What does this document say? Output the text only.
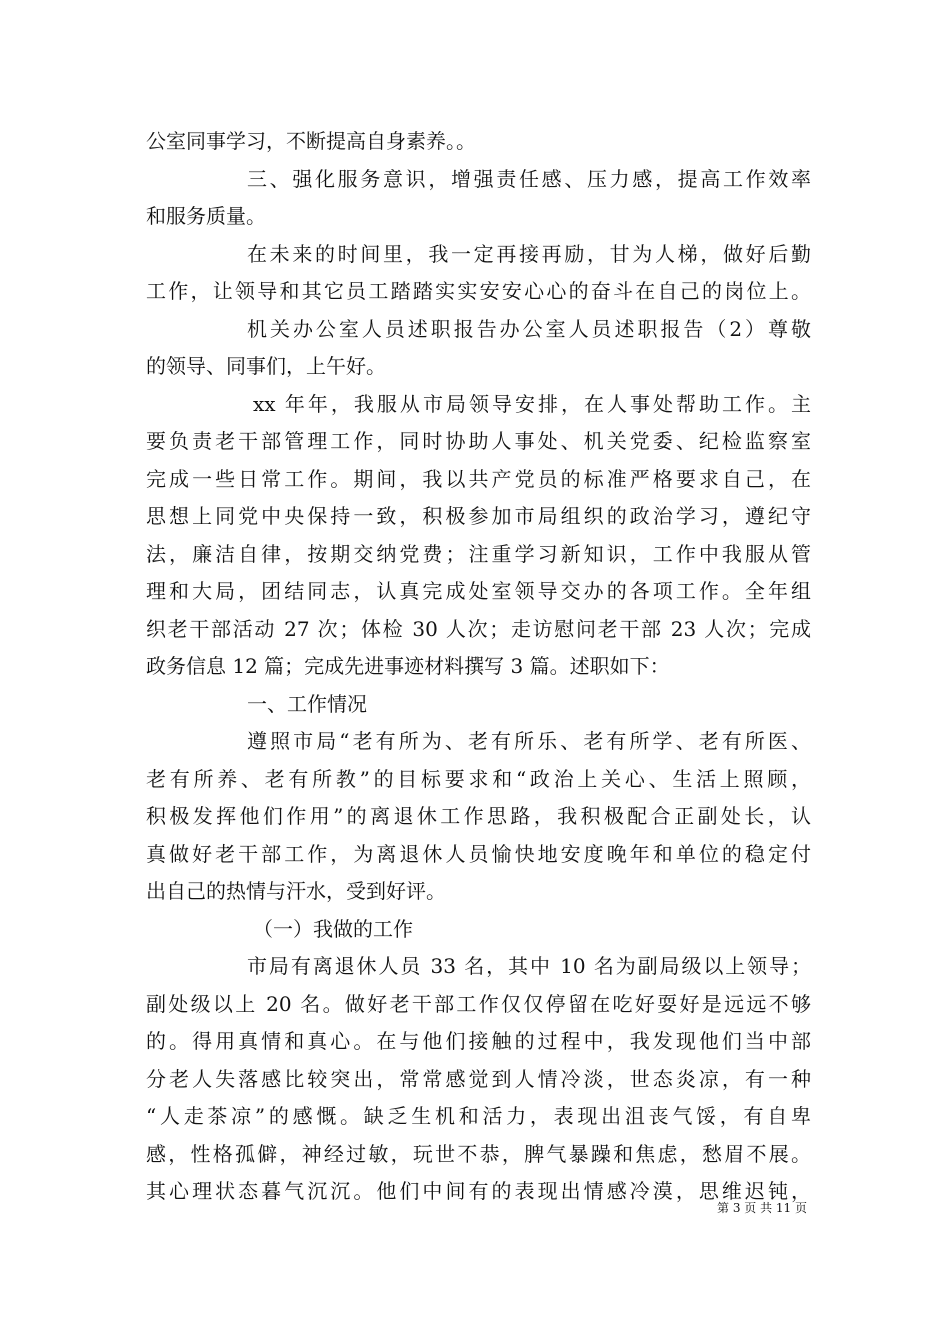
公室同事学习，不断提高自身素养。。
三、强化服务意识，增强责任感、压力感，提高工作效率
和服务质量。
在未来的时间里，我一定再接再励，甘为人梯，做好后勤
工作，让领导和其它员工踏踏实实安安心心的奋斗在自己的岗位上。
机关办公室人员述职报告办公室人员述职报告（2）尊敬
的领导、同事们，上午好。
xx 年年，我服从市局领导安排，在人事处帮助工作。主
要负责老干部管理工作，同时协助人事处、机关党委、纪检监察室
完成一些日常工作。期间，我以共产党员的标准严格要求自己，在
思想上同党中央保持一致，积极参加市局组织的政治学习，遵纪守
法，廉洁自律，按期交纳党费；注重学习新知识，工作中我服从管
理和大局，团结同志，认真完成处室领导交办的各项工作。全年组
织老干部活动 27 次；体检 30 人次；走访慰问老干部 23 人次；完成
政务信息 12 篇；完成先进事迹材料撰写 3 篇。述职如下：
一、工作情况
遵照市局“老有所为、老有所乐、老有所学、老有所医、
老有所养、老有所教”的目标要求和“政治上关心、生活上照顾，
积极发挥他们作用”的离退休工作思路，我积极配合正副处长，认
真做好老干部工作，为离退休人员愉快地安度晚年和单位的稳定付
出自己的热情与汗水，受到好评。
（一）我做的工作
市局有离退休人员 33 名，其中 10 名为副局级以上领导；
副处级以上 20 名。做好老干部工作仅仅停留在吃好耍好是远远不够
的。得用真情和真心。在与他们接触的过程中，我发现他们当中部
分老人失落感比较突出，常常感觉到人情冷淡，世态炎凉，有一种
“人走茶凉”的感慨。缺乏生机和活力，表现出沮丧气馁，有自卑
感，性格孤僻，神经过敏，玩世不恭，脾气暴躁和焦虑，愁眉不展。
其心理状态暮气沉沉。他们中间有的表现出情感冷漠，思维迟钝，
第 3 页 共 11 页
